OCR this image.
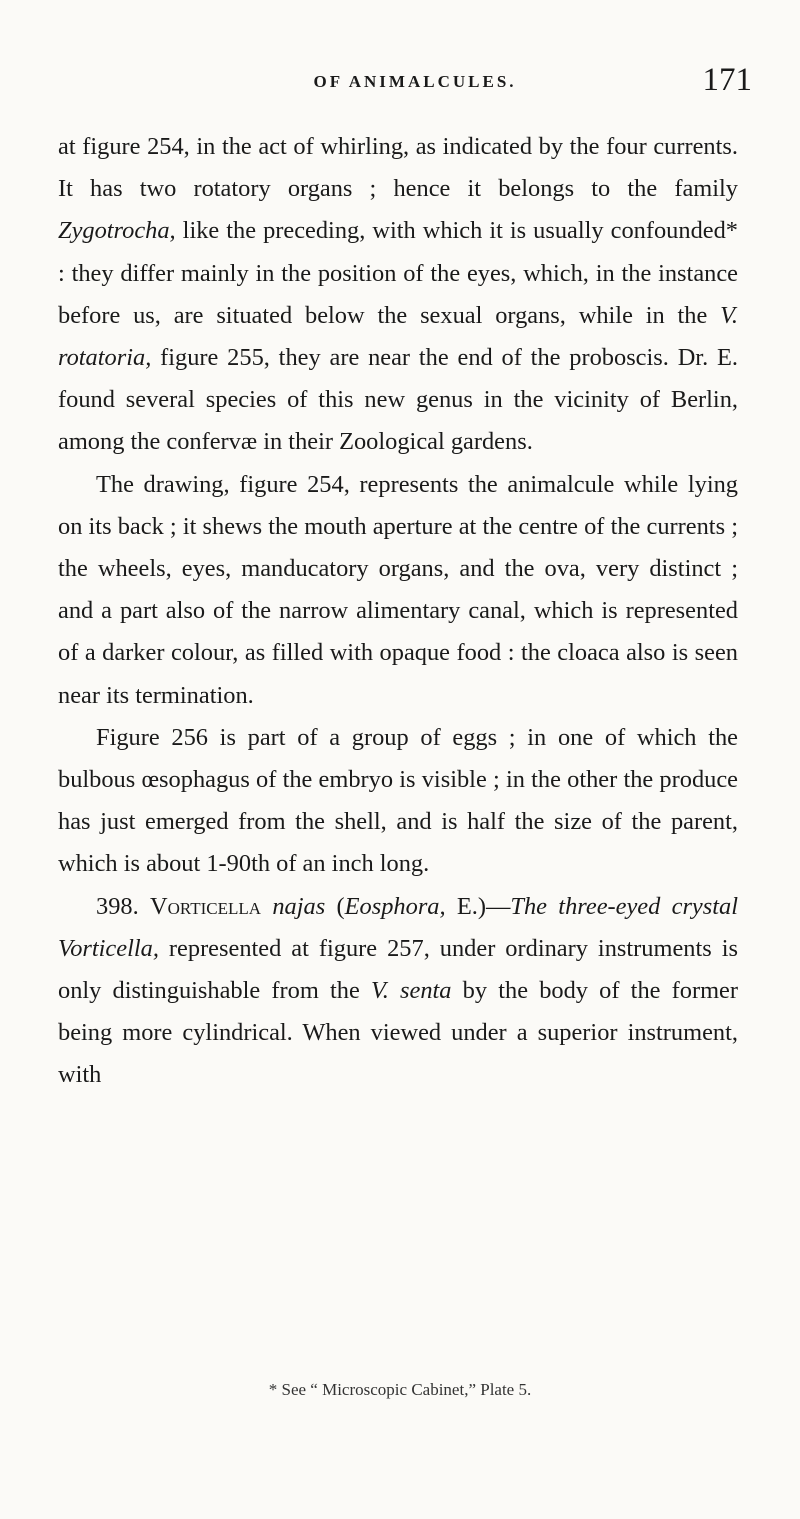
OF ANIMALCULES.	171

at figure 254, in the act of whirling, as indicated by the four currents. It has two rotatory organs ; hence it belongs to the family Zygotrocha, like the preceding, with which it is usually confounded* : they differ mainly in the position of the eyes, which, in the instance before us, are situated below the sexual organs, while in the V. rotatoria, figure 255, they are near the end of the proboscis. Dr. E. found several species of this new genus in the vicinity of Berlin, among the confervæ in their Zoological gardens.

The drawing, figure 254, represents the animalcule while lying on its back ; it shews the mouth aperture at the centre of the currents ; the wheels, eyes, manducatory organs, and the ova, very distinct ; and a part also of the narrow alimentary canal, which is represented of a darker colour, as filled with opaque food : the cloaca also is seen near its termination.

Figure 256 is part of a group of eggs ; in one of which the bulbous œsophagus of the embryo is visible ; in the other the produce has just emerged from the shell, and is half the size of the parent, which is about 1-90th of an inch long.

398. Vorticella najas (Eosphora, E.)—The three-eyed crystal Vorticella, represented at figure 257, under ordinary instruments is only distinguishable from the V. senta by the body of the former being more cylindrical. When viewed under a superior instrument, with

* See “ Microscopic Cabinet,” Plate 5.
